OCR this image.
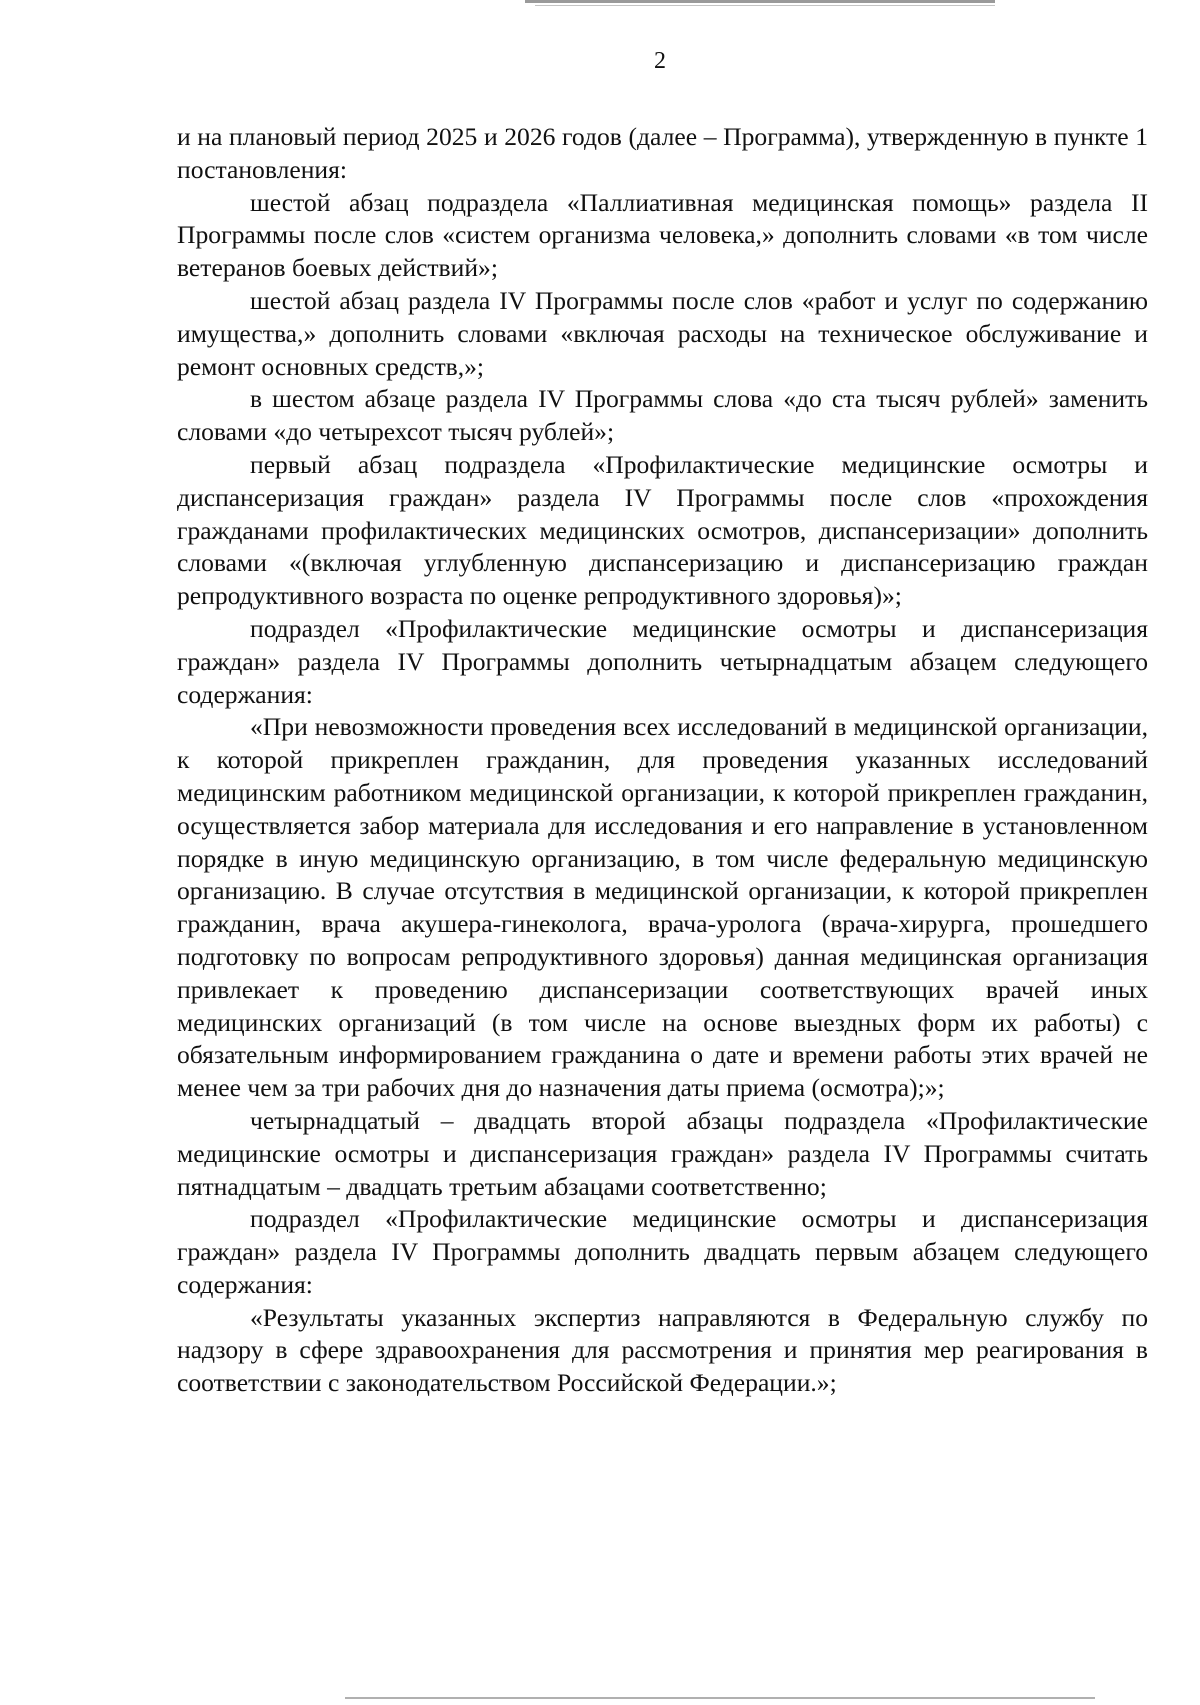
2

и на плановый период 2025 и 2026 годов (далее – Программа), утвержденную в пункте 1 постановления:

шестой абзац подраздела «Паллиативная медицинская помощь» раздела II Программы после слов «систем организма человека,» дополнить словами «в том числе ветеранов боевых действий»;

шестой абзац раздела IV Программы после слов «работ и услуг по содержанию имущества,» дополнить словами «включая расходы на техническое обслуживание и ремонт основных средств,»;

в шестом абзаце раздела IV Программы слова «до ста тысяч рублей» заменить словами «до четырехсот тысяч рублей»;

первый абзац подраздела «Профилактические медицинские осмотры и диспансеризация граждан» раздела IV Программы после слов «прохождения гражданами профилактических медицинских осмотров, диспансеризации» дополнить словами «(включая углубленную диспансеризацию и диспансеризацию граждан репродуктивного возраста по оценке репродуктивного здоровья)»;

подраздел «Профилактические медицинские осмотры и диспансеризация граждан» раздела IV Программы дополнить четырнадцатым абзацем следующего содержания:

«При невозможности проведения всех исследований в медицинской организации, к которой прикреплен гражданин, для проведения указанных исследований медицинским работником медицинской организации, к которой прикреплен гражданин, осуществляется забор материала для исследования и его направление в установленном порядке в иную медицинскую организацию, в том числе федеральную медицинскую организацию. В случае отсутствия в медицинской организации, к которой прикреплен гражданин, врача акушера-гинеколога, врача-уролога (врача-хирурга, прошедшего подготовку по вопросам репродуктивного здоровья) данная медицинская организация привлекает к проведению диспансеризации соответствующих врачей иных медицинских организаций (в том числе на основе выездных форм их работы) с обязательным информированием гражданина о дате и времени работы этих врачей не менее чем за три рабочих дня до назначения даты приема (осмотра);»;

четырнадцатый – двадцать второй абзацы подраздела «Профилактические медицинские осмотры и диспансеризация граждан» раздела IV Программы считать пятнадцатым – двадцать третьим абзацами соответственно;

подраздел «Профилактические медицинские осмотры и диспансеризация граждан» раздела IV Программы дополнить двадцать первым абзацем следующего содержания:

«Результаты указанных экспертиз направляются в Федеральную службу по надзору в сфере здравоохранения для рассмотрения и принятия мер реагирования в соответствии с законодательством Российской Федерации.»;
